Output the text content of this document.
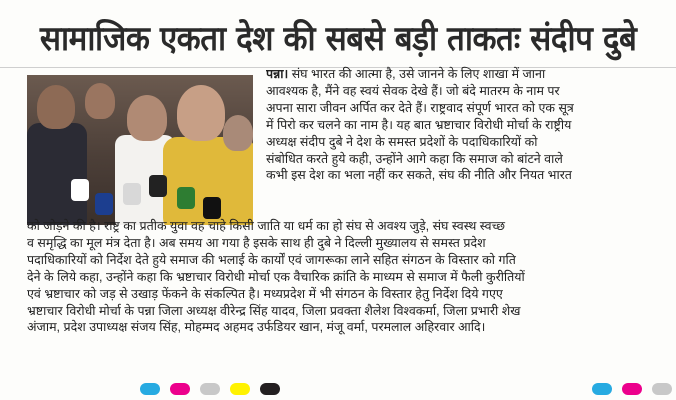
सामाजिक एकता देश की सबसे बड़ी ताकतः संदीप दुबे
पन्ना। संघ भारत की आत्मा है, उसे जानने के लिए शाखा में जाना
आवश्यक है, मैंने वह स्वयं सेवक देखे हैं। जो बंदे मातरम के नाम पर
अपना सारा जीवन अर्पित कर देते हैं। राष्ट्रवाद संपूर्ण भारत को एक सूत्र
में पिरो कर चलने का नाम है। यह बात भ्रष्टाचार विरोधी मोर्चा के राष्ट्रीय
अध्यक्ष संदीप दुबे ने देश के समस्त प्रदेशों के पदाधिकारियों को
संबोधित करते हुये कही, उन्होंने आगे कहा कि समाज को बांटने वाले
कभी इस देश का भला नहीं कर सकते, संघ की नीति और नियत भारत
को जोड़ने की है। राष्ट्र का प्रतीक युवा वह चाहे किसी जाति या धर्म का हो संघ से अवश्य जुड़े, संघ स्वस्थ स्वच्छ
व समृद्धि का मूल मंत्र देता है। अब समय आ गया है इसके साथ ही दुबे ने दिल्ली मुख्यालय से समस्त प्रदेश
पदाधिकारियों को निर्देश देते हुये समाज की भलाई के कार्यों एवं जागरूका लाने सहित संगठन के विस्तार को गति
देने के लिये कहा, उन्होंने कहा कि भ्रष्टाचार विरोधी मोर्चा एक वैचारिक क्रांति के माध्यम से समाज में फैली कुरीतियों
एवं भ्रष्टाचार को जड़ से उखाड़ फेंकने के संकल्पित है। मध्यप्रदेश में भी संगठन के विस्तार हेतु निर्देश दिये गएए
भ्रष्टाचार विरोधी मोर्चा के पन्ना जिला अध्यक्ष वीरेन्द्र सिंह यादव, जिला प्रवक्ता शैलेश विश्वकर्मा, जिला प्रभारी शेख
अंजाम, प्रदेश उपाध्यक्ष संजय सिंह, मोहम्मद अहमद उर्फडियर खान, मंजू वर्मा, परमलाल अहिरवार आदि।
